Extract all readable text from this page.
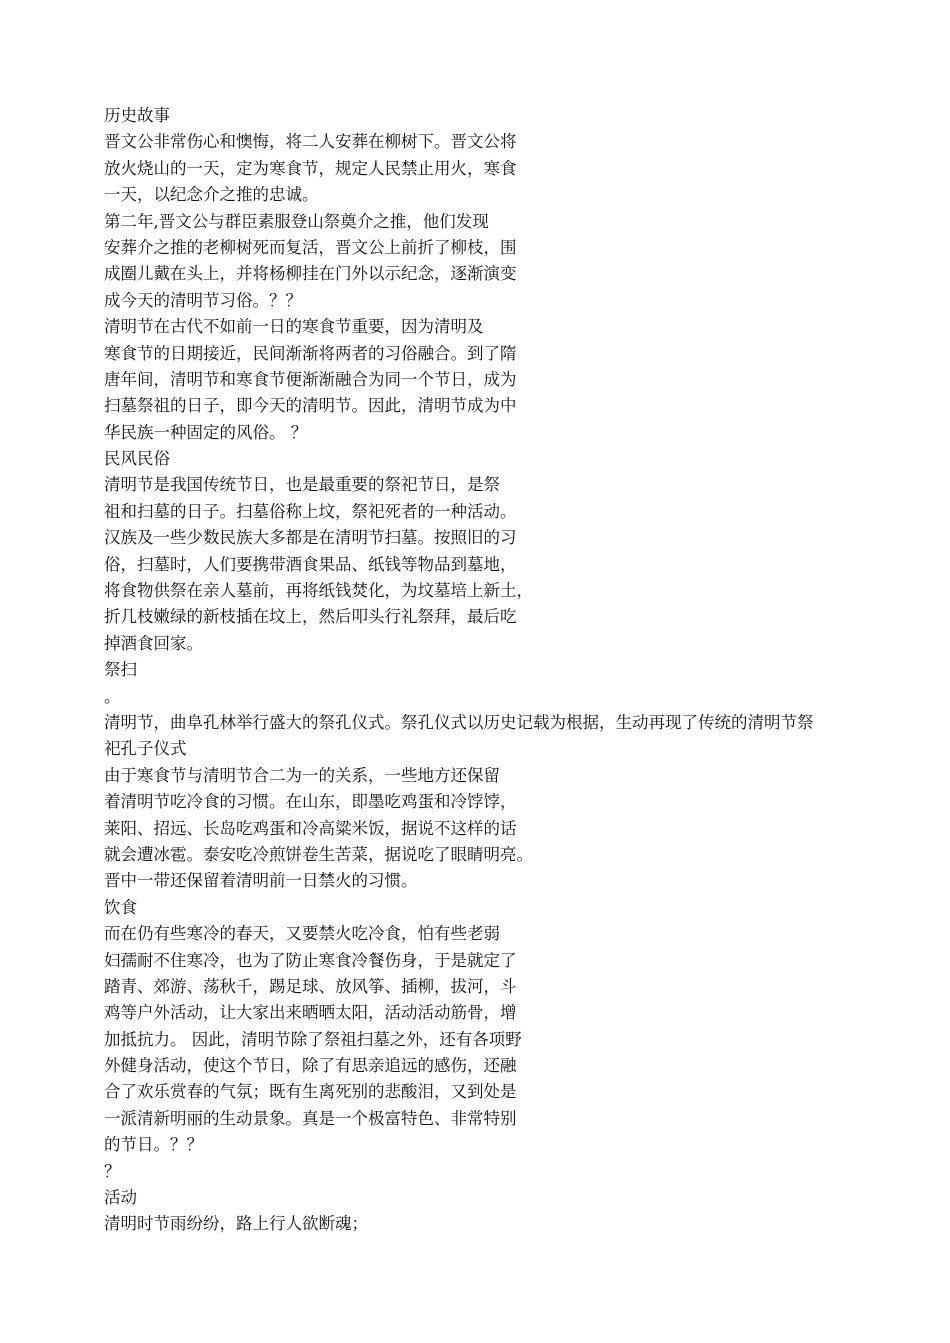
历史故事
晋文公非常伤心和懊悔，将二人安葬在柳树下。晋文公将
放火烧山的一天，定为寒食节，规定人民禁止用火，寒食
一天，以纪念介之推的忠诚。
第二年,晋文公与群臣素服登山祭奠介之推，他们发现
安葬介之推的老柳树死而复活，晋文公上前折了柳枝，围
成圈儿戴在头上，并将杨柳挂在门外以示纪念，逐渐演变
成今天的清明节习俗。？？
清明节在古代不如前一日的寒食节重要，因为清明及
寒食节的日期接近，民间渐渐将两者的习俗融合。到了隋
唐年间，清明节和寒食节便渐渐融合为同一个节日，成为
扫墓祭祖的日子，即今天的清明节。因此，清明节成为中
华民族一种固定的风俗。 ？
民风民俗
清明节是我国传统节日，也是最重要的祭祀节日，是祭
祖和扫墓的日子。扫墓俗称上坟，祭祀死者的一种活动。
汉族及一些少数民族大多都是在清明节扫墓。按照旧的习
俗，扫墓时，人们要携带酒食果品、纸钱等物品到墓地，
将食物供祭在亲人墓前，再将纸钱焚化，为坟墓培上新土，
折几枝嫩绿的新枝插在坟上，然后叩头行礼祭拜，最后吃
掉酒食回家。
祭扫
。
清明节，曲阜孔林举行盛大的祭孔仪式。祭孔仪式以历史记载为根据，生动再现了传统的清明节祭
祀孔子仪式
由于寒食节与清明节合二为一的关系，一些地方还保留
着清明节吃冷食的习惯。在山东，即墨吃鸡蛋和冷饽饽，
莱阳、招远、长岛吃鸡蛋和冷高粱米饭，据说不这样的话
就会遭冰雹。泰安吃冷煎饼卷生苦菜，据说吃了眼睛明亮。
晋中一带还保留着清明前一日禁火的习惯。
饮食
而在仍有些寒冷的春天，又要禁火吃冷食，怕有些老弱
妇孺耐不住寒冷，也为了防止寒食冷餐伤身，于是就定了
踏青、郊游、荡秋千，踢足球、放风筝、插柳，拔河，斗
鸡等户外活动，让大家出来晒晒太阳，活动活动筋骨，增
加抵抗力。 因此，清明节除了祭祖扫墓之外，还有各项野
外健身活动，使这个节日，除了有思亲追远的感伤，还融
合了欢乐赏春的气氛；既有生离死别的悲酸泪，又到处是
一派清新明丽的生动景象。真是一个极富特色、非常特别
的节日。？？
？
活动
清明时节雨纷纷，路上行人欲断魂；
